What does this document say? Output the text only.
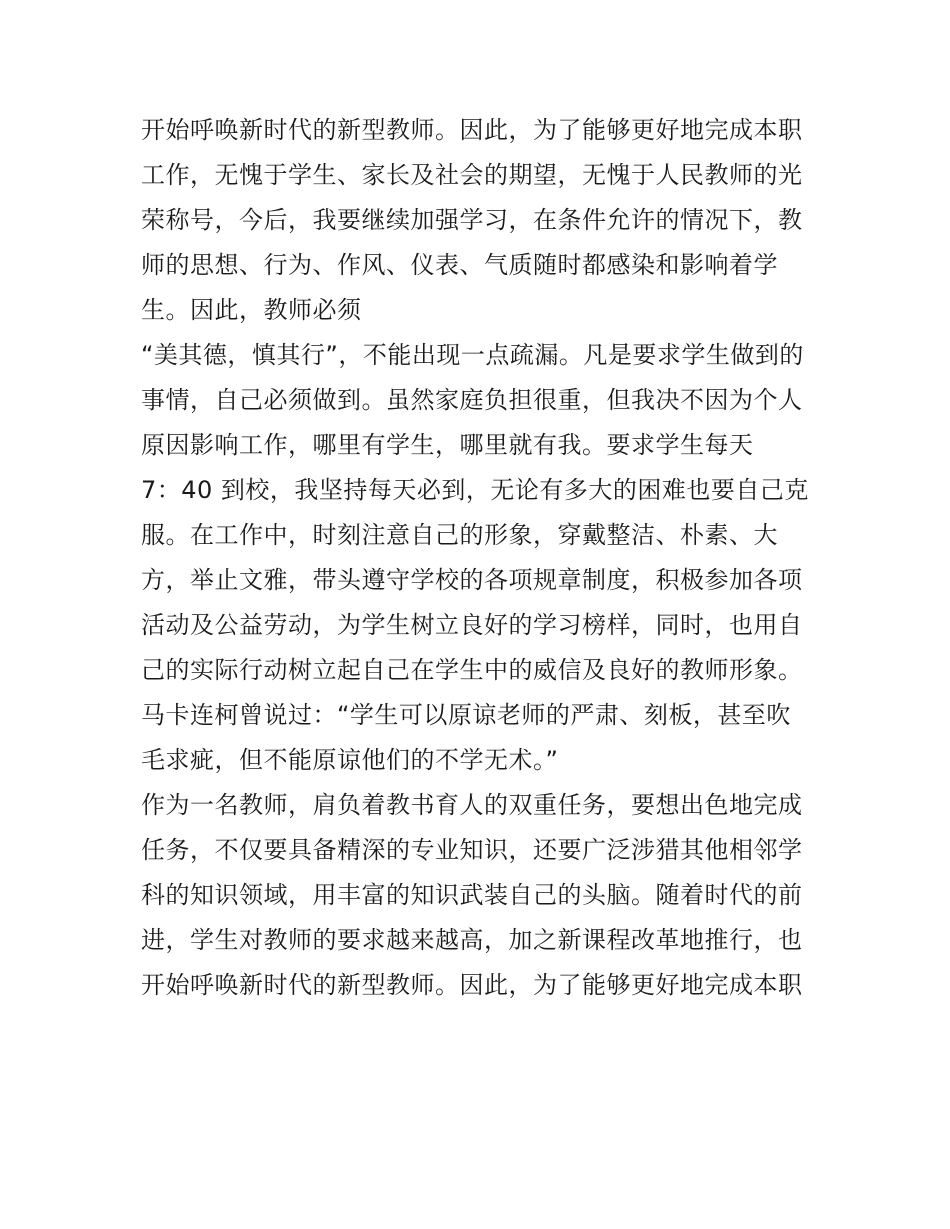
开始呼唤新时代的新型教师。因此，为了能够更好地完成本职
工作，无愧于学生、家长及社会的期望，无愧于人民教师的光
荣称号，今后，我要继续加强学习，在条件允许的情况下，教
师的思想、行为、作风、仪表、气质随时都感染和影响着学
生。因此，教师必须
“美其德，慎其行”，不能出现一点疏漏。凡是要求学生做到的
事情，自己必须做到。虽然家庭负担很重，但我决不因为个人
原因影响工作，哪里有学生，哪里就有我。要求学生每天
7：40 到校，我坚持每天必到，无论有多大的困难也要自己克
服。在工作中，时刻注意自己的形象，穿戴整洁、朴素、大
方，举止文雅，带头遵守学校的各项规章制度，积极参加各项
活动及公益劳动，为学生树立良好的学习榜样，同时，也用自
己的实际行动树立起自己在学生中的威信及良好的教师形象。
马卡连柯曾说过：“学生可以原谅老师的严肃、刻板，甚至吹
毛求疵，但不能原谅他们的不学无术。”
作为一名教师，肩负着教书育人的双重任务，要想出色地完成
任务，不仅要具备精深的专业知识，还要广泛涉猎其他相邻学
科的知识领域，用丰富的知识武装自己的头脑。随着时代的前
进，学生对教师的要求越来越高，加之新课程改革地推行，也
开始呼唤新时代的新型教师。因此，为了能够更好地完成本职
